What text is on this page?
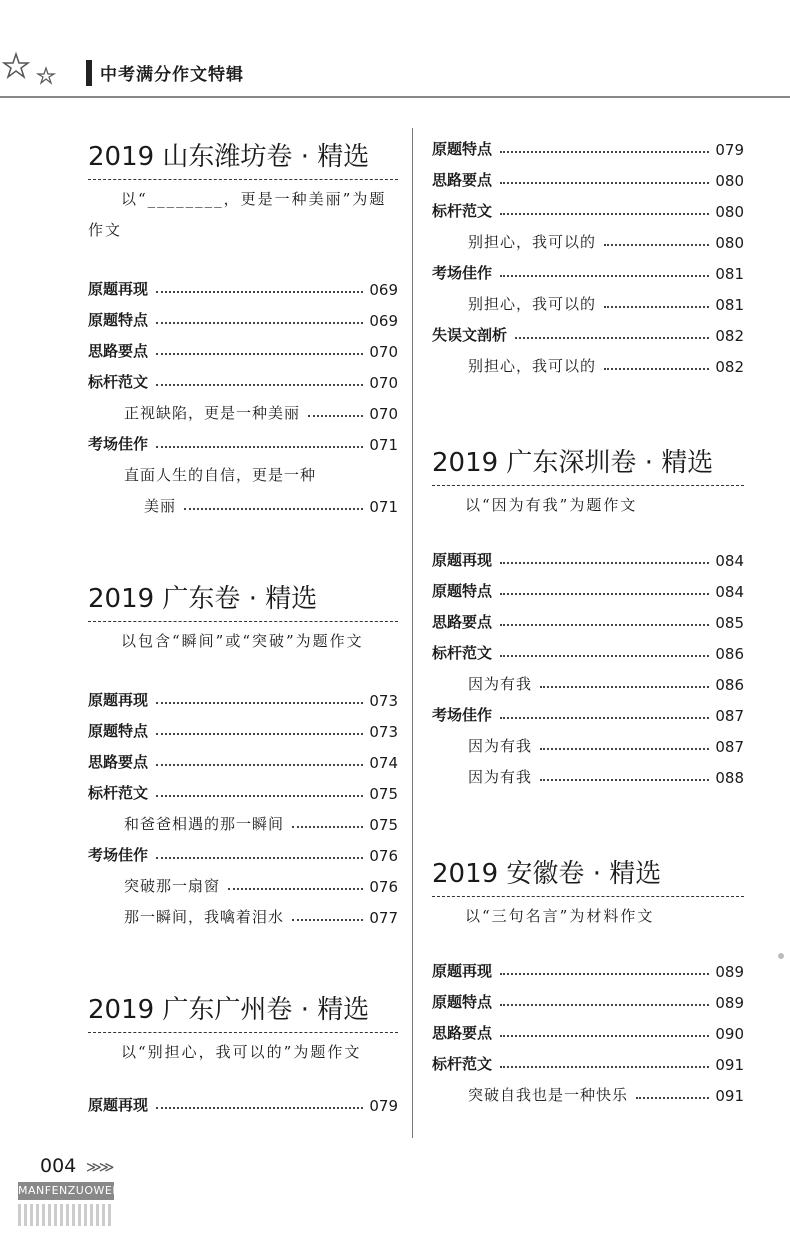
中考满分作文特辑
2019 山东潍坊卷 · 精选

以“________，更是一种美丽”为题作文

原题再现	069
原题特点	069
思路要点	070
标杆范文	070
正视缺陷，更是一种美丽	070
考场佳作	071
直面人生的自信，更是一种
美丽	071
2019 广东卷 · 精选

以包含“瞬间”或“突破”为题作文

原题再现	073
原题特点	073
思路要点	074
标杆范文	075
和爸爸相遇的那一瞬间	075
考场佳作	076
突破那一扇窗	076
那一瞬间，我噙着泪水	077
2019 广东广州卷 · 精选

以“别担心，我可以的”为题作文

原题再现	079
原题特点	079
思路要点	080
标杆范文	080
别担心，我可以的	080
考场佳作	081
别担心，我可以的	081
失误文剖析	082
别担心，我可以的	082
2019 广东深圳卷 · 精选

以“因为有我”为题作文

原题再现	084
原题特点	084
思路要点	085
标杆范文	086
因为有我	086
考场佳作	087
因为有我	087
因为有我	088
2019 安徽卷 · 精选

以“三句名言”为材料作文

原题再现	089
原题特点	089
思路要点	090
标杆范文	091
突破自我也是一种快乐	091
004 ≫≫
MANFENZUOWEN
